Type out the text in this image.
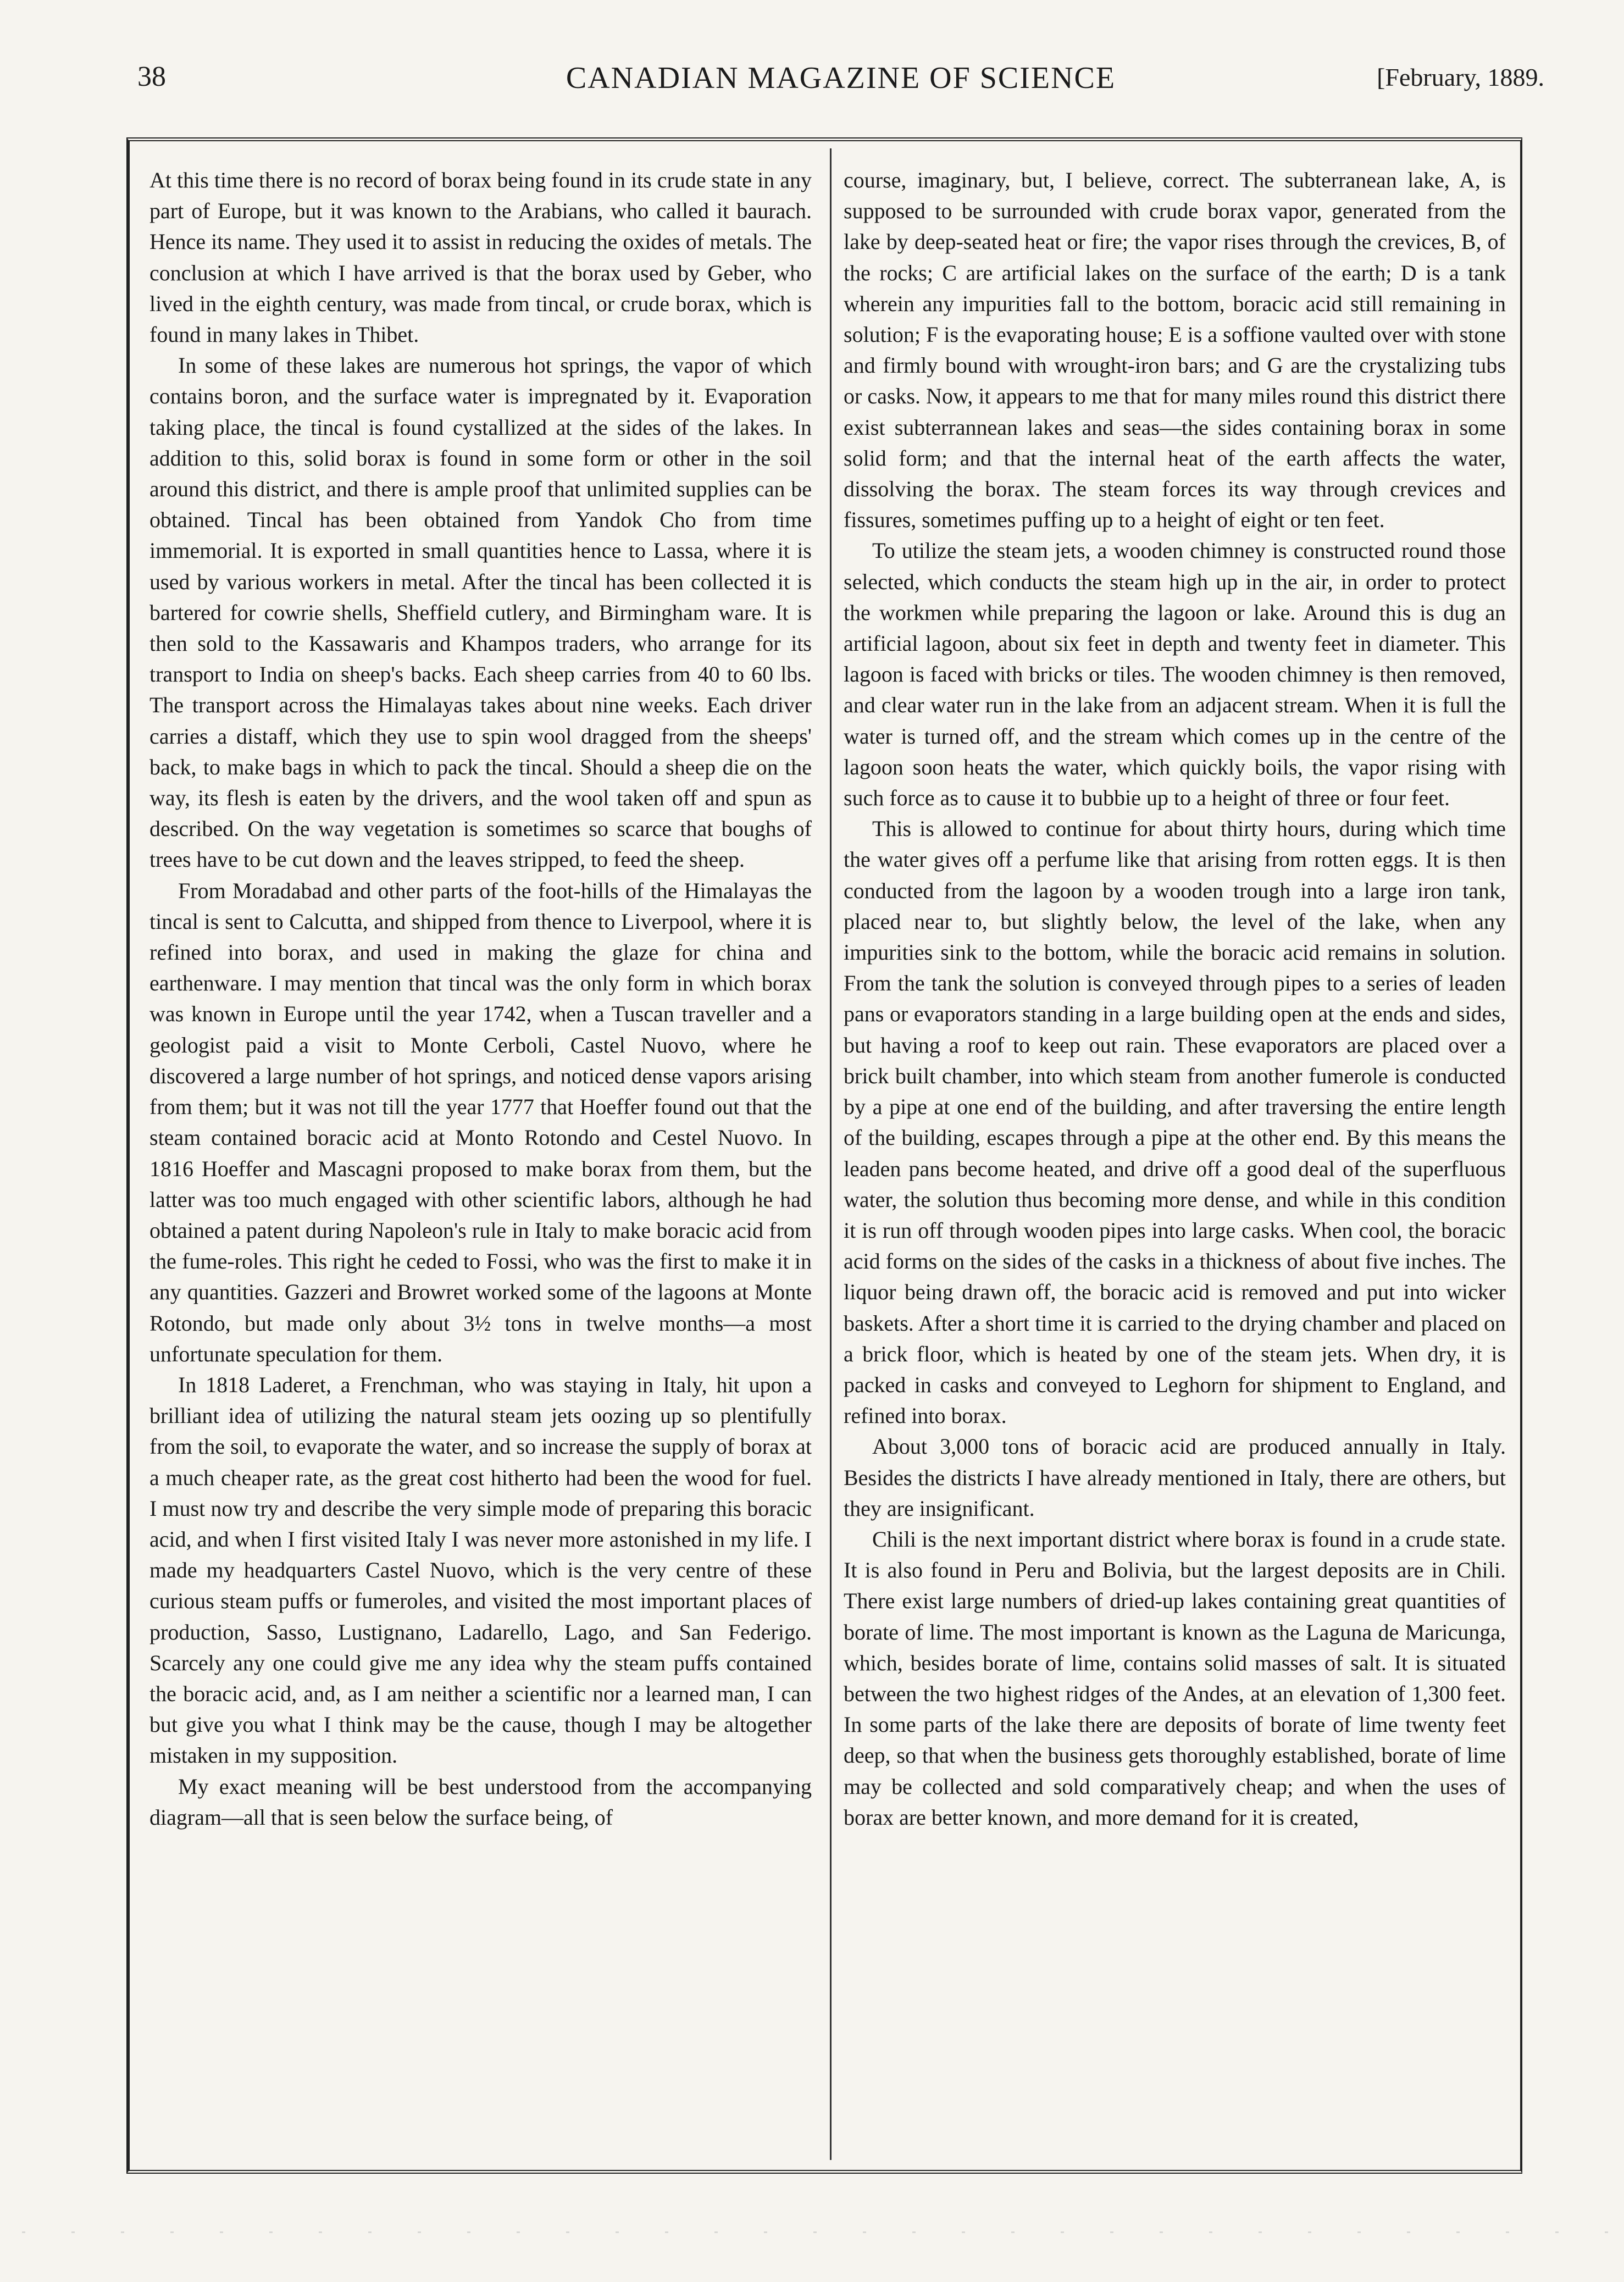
38	CANADIAN MAGAZINE OF SCIENCE	[February, 1889.

At this time there is no record of borax being found in its crude state in any part of Europe, but it was known to the Arabians, who called it baurach. Hence its name. They used it to assist in reducing the oxides of metals. The conclusion at which I have arrived is that the borax used by Geber, who lived in the eighth century, was made from tincal, or crude borax, which is found in many lakes in Thibet.

In some of these lakes are numerous hot springs, the vapor of which contains boron, and the surface water is impregnated by it. Evaporation taking place, the tincal is found cystallized at the sides of the lakes. In addition to this, solid borax is found in some form or other in the soil around this district, and there is ample proof that unlimited supplies can be obtained. Tincal has been obtained from Yandok Cho from time immemorial. It is exported in small quantities hence to Lassa, where it is used by various workers in metal. After the tincal has been collected it is bartered for cowrie shells, Sheffield cutlery, and Birmingham ware. It is then sold to the Kassawaris and Khampos traders, who arrange for its transport to India on sheep's backs. Each sheep carries from 40 to 60 lbs. The transport across the Himalayas takes about nine weeks. Each driver carries a distaff, which they use to spin wool dragged from the sheeps' back, to make bags in which to pack the tincal. Should a sheep die on the way, its flesh is eaten by the drivers, and the wool taken off and spun as described. On the way vegetation is sometimes so scarce that boughs of trees have to be cut down and the leaves stripped, to feed the sheep.

From Moradabad and other parts of the foot-hills of the Himalayas the tincal is sent to Calcutta, and shipped from thence to Liverpool, where it is refined into borax, and used in making the glaze for china and earthenware. I may mention that tincal was the only form in which borax was known in Europe until the year 1742, when a Tuscan traveller and a geologist paid a visit to Monte Cerboli, Castel Nuovo, where he discovered a large number of hot springs, and noticed dense vapors arising from them; but it was not till the year 1777 that Hoeffer found out that the steam contained boracic acid at Monto Rotondo and Cestel Nuovo. In 1816 Hoeffer and Mascagni proposed to make borax from them, but the latter was too much engaged with other scientific labors, although he had obtained a patent during Napoleon's rule in Italy to make boracic acid from the fume-roles. This right he ceded to Fossi, who was the first to make it in any quantities. Gazzeri and Browret worked some of the lagoons at Monte Rotondo, but made only about 3½ tons in twelve months—a most unfortunate speculation for them.

In 1818 Laderet, a Frenchman, who was staying in Italy, hit upon a brilliant idea of utilizing the natural steam jets oozing up so plentifully from the soil, to evaporate the water, and so increase the supply of borax at a much cheaper rate, as the great cost hitherto had been the wood for fuel. I must now try and describe the very simple mode of preparing this boracic acid, and when I first visited Italy I was never more astonished in my life. I made my headquarters Castel Nuovo, which is the very centre of these curious steam puffs or fumeroles, and visited the most important places of production, Sasso, Lustignano, Ladarello, Lago, and San Federigo. Scarcely any one could give me any idea why the steam puffs contained the boracic acid, and, as I am neither a scientific nor a learned man, I can but give you what I think may be the cause, though I may be altogether mistaken in my supposition.

My exact meaning will be best understood from the accompanying diagram—all that is seen below the surface being, of

course, imaginary, but, I believe, correct. The subterranean lake, A, is supposed to be surrounded with crude borax vapor, generated from the lake by deep-seated heat or fire; the vapor rises through the crevices, B, of the rocks; C are artificial lakes on the surface of the earth; D is a tank wherein any impurities fall to the bottom, boracic acid still remaining in solution; F is the evaporating house; E is a soffione vaulted over with stone and firmly bound with wrought-iron bars; and G are the crystalizing tubs or casks. Now, it appears to me that for many miles round this district there exist subterrannean lakes and seas—the sides containing borax in some solid form; and that the internal heat of the earth affects the water, dissolving the borax. The steam forces its way through crevices and fissures, sometimes puffing up to a height of eight or ten feet.

To utilize the steam jets, a wooden chimney is constructed round those selected, which conducts the steam high up in the air, in order to protect the workmen while preparing the lagoon or lake. Around this is dug an artificial lagoon, about six feet in depth and twenty feet in diameter. This lagoon is faced with bricks or tiles. The wooden chimney is then removed, and clear water run in the lake from an adjacent stream. When it is full the water is turned off, and the stream which comes up in the centre of the lagoon soon heats the water, which quickly boils, the vapor rising with such force as to cause it to bubbie up to a height of three or four feet.

This is allowed to continue for about thirty hours, during which time the water gives off a perfume like that arising from rotten eggs. It is then conducted from the lagoon by a wooden trough into a large iron tank, placed near to, but slightly below, the level of the lake, when any impurities sink to the bottom, while the boracic acid remains in solution. From the tank the solution is conveyed through pipes to a series of leaden pans or evaporators standing in a large building open at the ends and sides, but having a roof to keep out rain. These evaporators are placed over a brick built chamber, into which steam from another fumerole is conducted by a pipe at one end of the building, and after traversing the entire length of the building, escapes through a pipe at the other end. By this means the leaden pans become heated, and drive off a good deal of the superfluous water, the solution thus becoming more dense, and while in this condition it is run off through wooden pipes into large casks. When cool, the boracic acid forms on the sides of the casks in a thickness of about five inches. The liquor being drawn off, the boracic acid is removed and put into wicker baskets. After a short time it is carried to the drying chamber and placed on a brick floor, which is heated by one of the steam jets. When dry, it is packed in casks and conveyed to Leghorn for shipment to England, and refined into borax.

About 3,000 tons of boracic acid are produced annually in Italy. Besides the districts I have already mentioned in Italy, there are others, but they are insignificant.

Chili is the next important district where borax is found in a crude state. It is also found in Peru and Bolivia, but the largest deposits are in Chili. There exist large numbers of dried-up lakes containing great quantities of borate of lime. The most important is known as the Laguna de Maricunga, which, besides borate of lime, contains solid masses of salt. It is situated between the two highest ridges of the Andes, at an elevation of 1,300 feet. In some parts of the lake there are deposits of borate of lime twenty feet deep, so that when the business gets thoroughly established, borate of lime may be collected and sold comparatively cheap; and when the uses of borax are better known, and more demand for it is created,
